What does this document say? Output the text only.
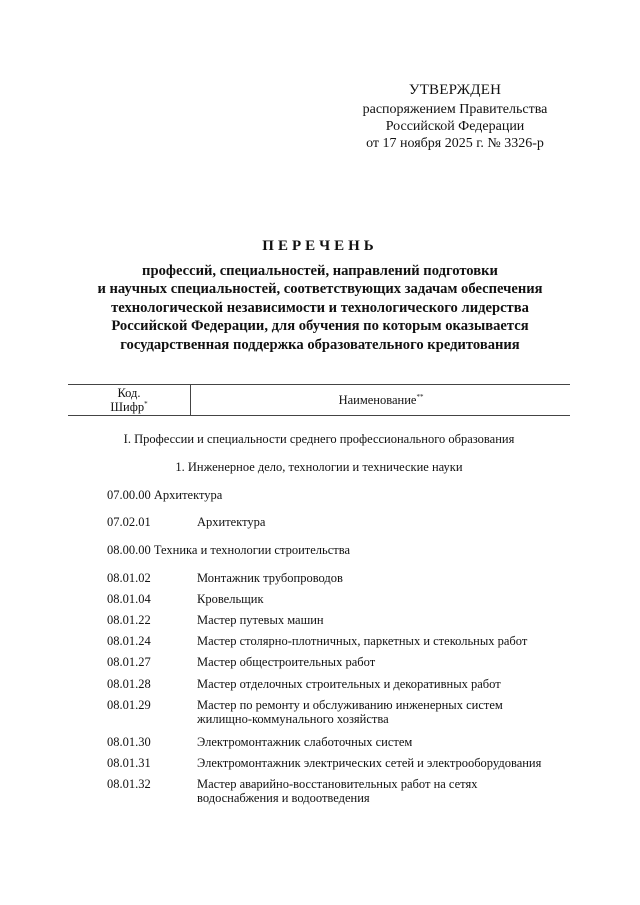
УТВЕРЖДЕН
распоряжением Правительства
Российской Федерации
от 17 ноября 2025 г. № 3326-р
ПЕРЕЧЕНЬ
профессий, специальностей, направлений подготовки
и научных специальностей, соответствующих задачам обеспечения
технологической независимости и технологического лидерства
Российской Федерации, для обучения по которым оказывается
государственная поддержка образовательного кредитования
Код.
Шифр*	Наименование**
I. Профессии и специальности среднего профессионального образования
1. Инженерное дело, технологии и технические науки
07.00.00 Архитектура
07.02.01	Архитектура
08.00.00 Техника и технологии строительства
08.01.02	Монтажник трубопроводов
08.01.04	Кровельщик
08.01.22	Мастер путевых машин
08.01.24	Мастер столярно-плотничных, паркетных и стекольных работ
08.01.27	Мастер общестроительных работ
08.01.28	Мастер отделочных строительных и декоративных работ
08.01.29	Мастер по ремонту и обслуживанию инженерных систем
жилищно-коммунального хозяйства
08.01.30	Электромонтажник слаботочных систем
08.01.31	Электромонтажник электрических сетей и электрооборудования
08.01.32	Мастер аварийно-восстановительных работ на сетях
водоснабжения и водоотведения
